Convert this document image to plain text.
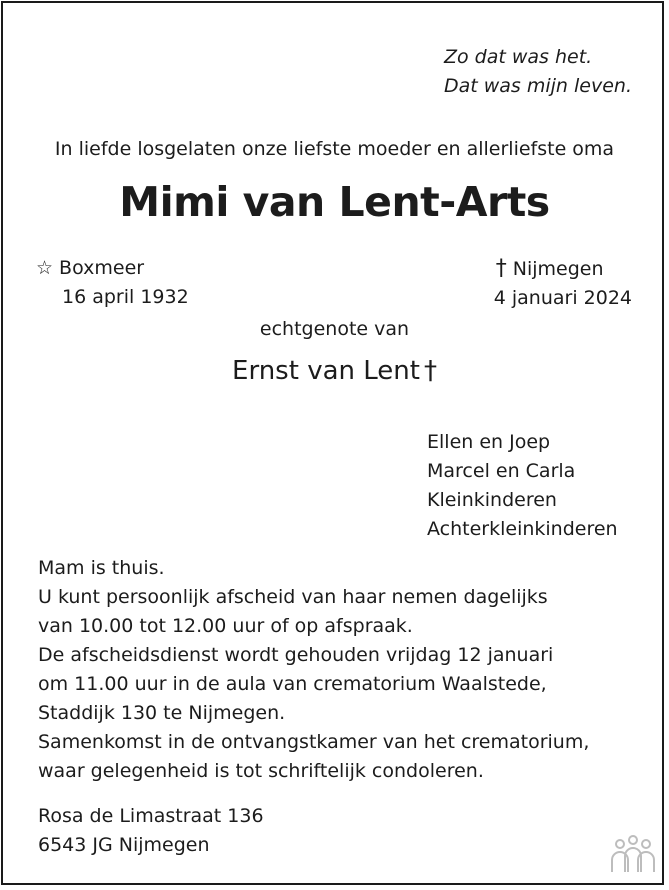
Zo dat was het.
Dat was mijn leven.
In liefde losgelaten onze liefste moeder en allerliefste oma
Mimi van Lent-Arts
☆ Boxmeer
16 april 1932
† Nijmegen
4 januari 2024
echtgenote van
Ernst van Lent †
Ellen en Joep
Marcel en Carla
Kleinkinderen
Achterkleinkinderen
Mam is thuis.
U kunt persoonlijk afscheid van haar nemen dagelijks
van 10.00 tot 12.00 uur of op afspraak.
De afscheidsdienst wordt gehouden vrijdag 12 januari
om 11.00 uur in de aula van crematorium Waalstede,
Staddijk 130 te Nijmegen.
Samenkomst in de ontvangstkamer van het crematorium,
waar gelegenheid is tot schriftelijk condoleren.
Rosa de Limastraat 136
6543 JG Nijmegen
